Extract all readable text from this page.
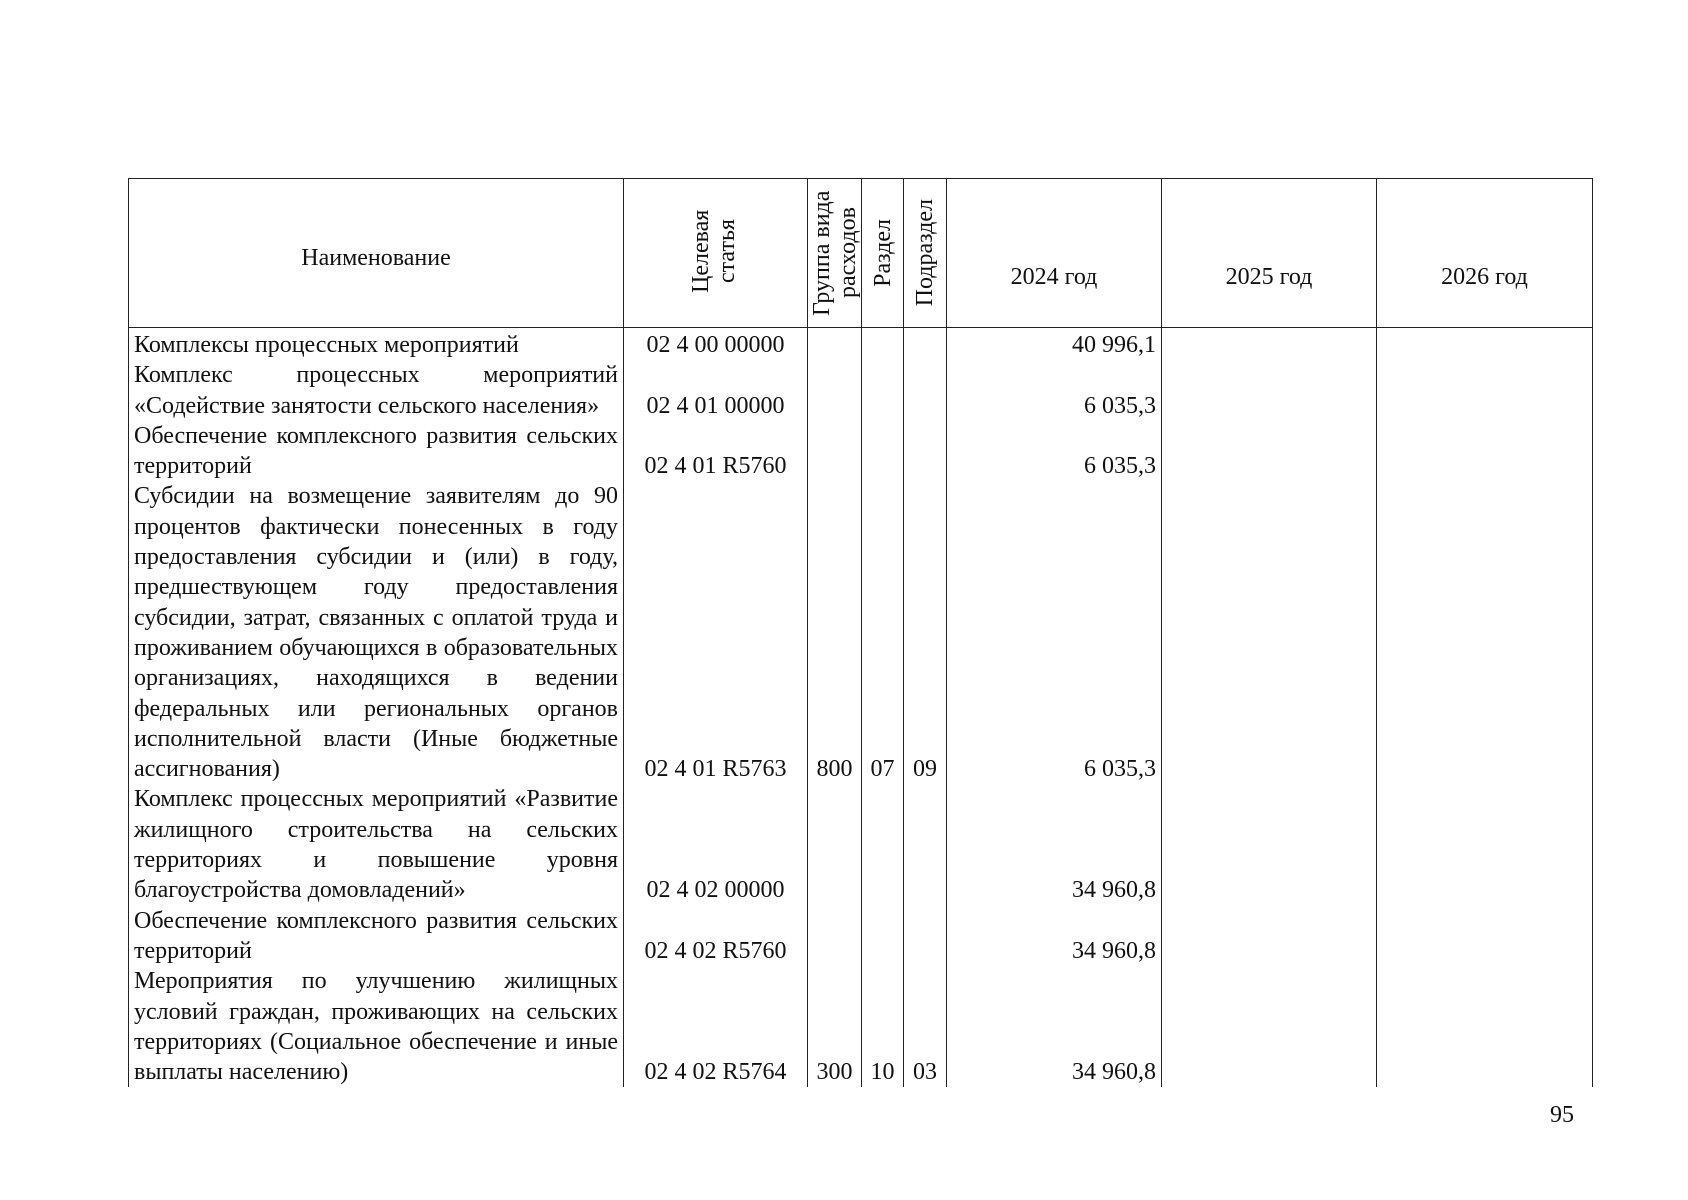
Наименование	Целевая статья	Группа вида расходов	Раздел	Подраздел	2024 год	2025 год	2026 год

Комплексы процессных мероприятий	02 4 00 00000				40 996,1		
Комплекс процессных мероприятий «Содействие занятости сельского населения»	02 4 01 00000				6 035,3		
Обеспечение комплексного развития сельских территорий	02 4 01 R5760				6 035,3		
Субсидии на возмещение заявителям до 90 процентов фактически понесенных в году предоставления субсидии и (или) в году, предшествующем году предоставления субсидии, затрат, связанных с оплатой труда и проживанием обучающихся в образовательных организациях, находящихся в ведении федеральных или региональных органов исполнительной власти (Иные бюджетные ассигнования)	02 4 01 R5763	800	07	09	6 035,3		
Комплекс процессных мероприятий «Развитие жилищного строительства на сельских территориях и повышение уровня благоустройства домовладений»	02 4 02 00000				34 960,8		
Обеспечение комплексного развития сельских территорий	02 4 02 R5760				34 960,8		
Мероприятия по улучшению жилищных условий граждан, проживающих на сельских территориях (Социальное обеспечение и иные выплаты населению)	02 4 02 R5764	300	10	03	34 960,8		
95
